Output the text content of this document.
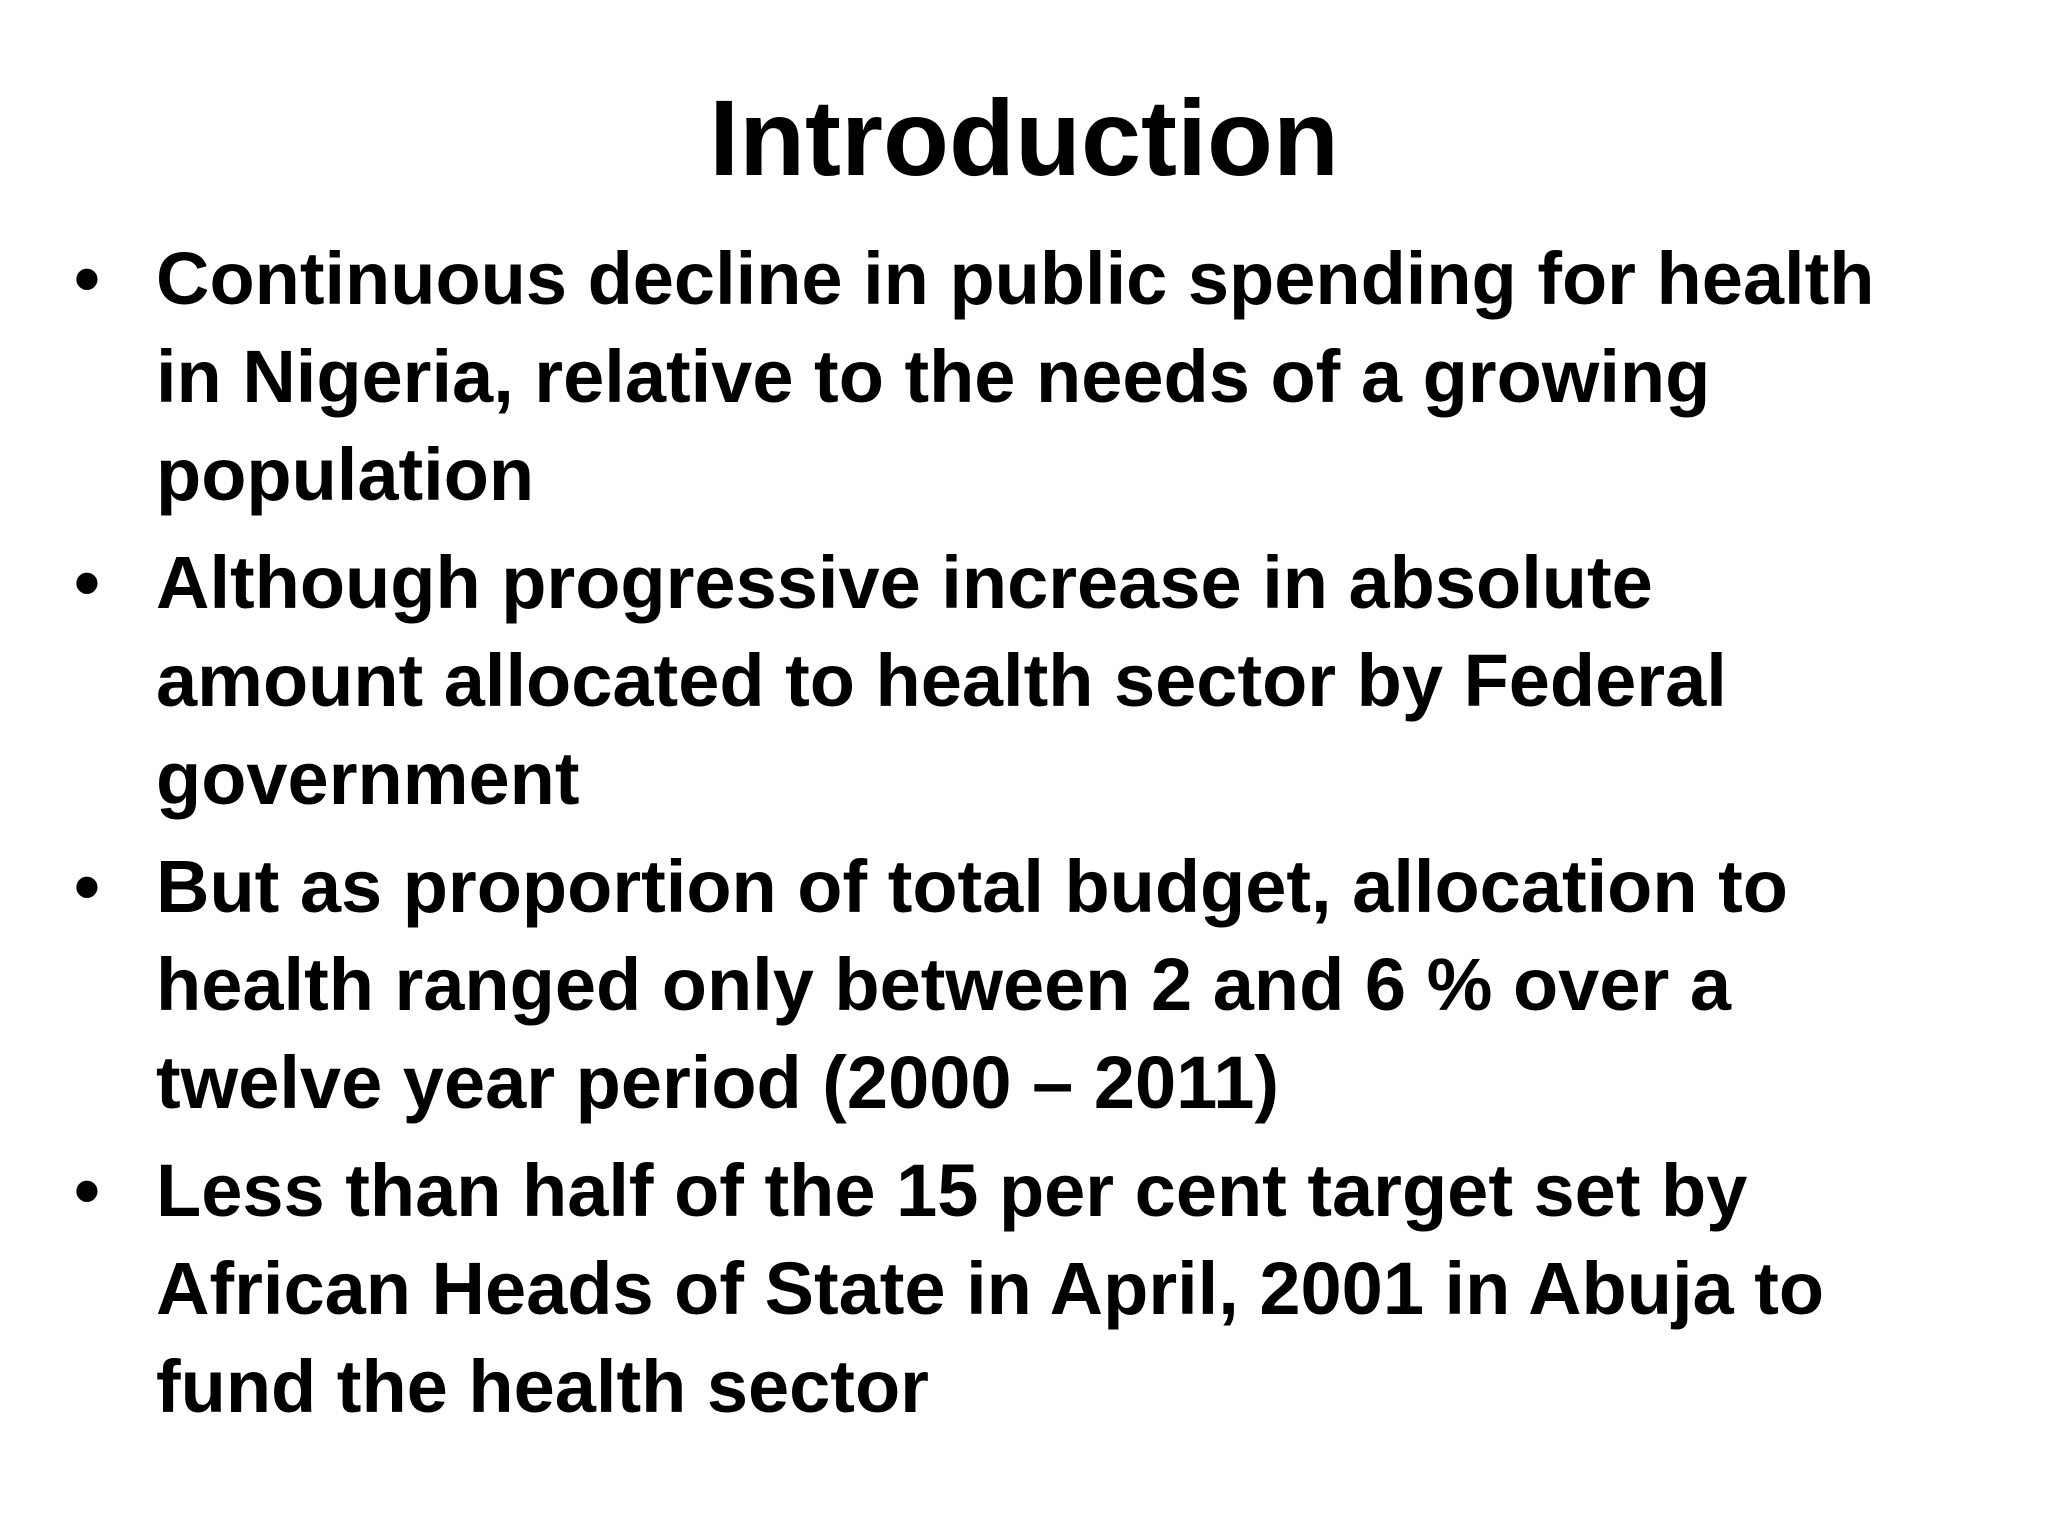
Introduction
• Continuous decline in public spending for health
in Nigeria, relative to the needs of a growing
population
• Although progressive increase in absolute
amount allocated to health sector by Federal
government
• But as proportion of total budget, allocation to
health ranged only between 2 and 6 % over a
twelve year period (2000 – 2011)
• Less than half of the 15 per cent target set by
African Heads of State in April, 2001 in Abuja to
fund the health sector
